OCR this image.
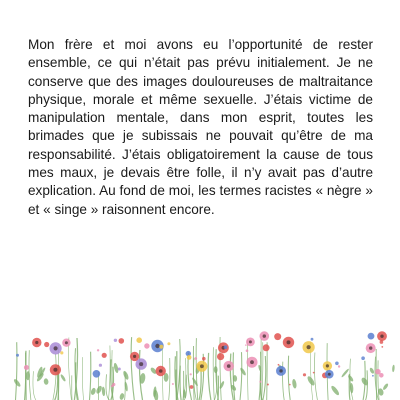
Mon frère et moi avons eu l’opportunité de rester ensemble, ce qui n’était pas prévu initialement. Je ne conserve que des images douloureuses de maltraitance physique, morale et même sexuelle. J’étais victime de manipulation mentale, dans mon esprit, toutes les brimades que je subissais ne pouvait qu’être de ma responsabilité. J’étais obligatoirement la cause de tous mes maux, je devais être folle, il n’y avait pas d’autre explication. Au fond de moi, les termes racistes « nègre » et « singe » raisonnent encore.
